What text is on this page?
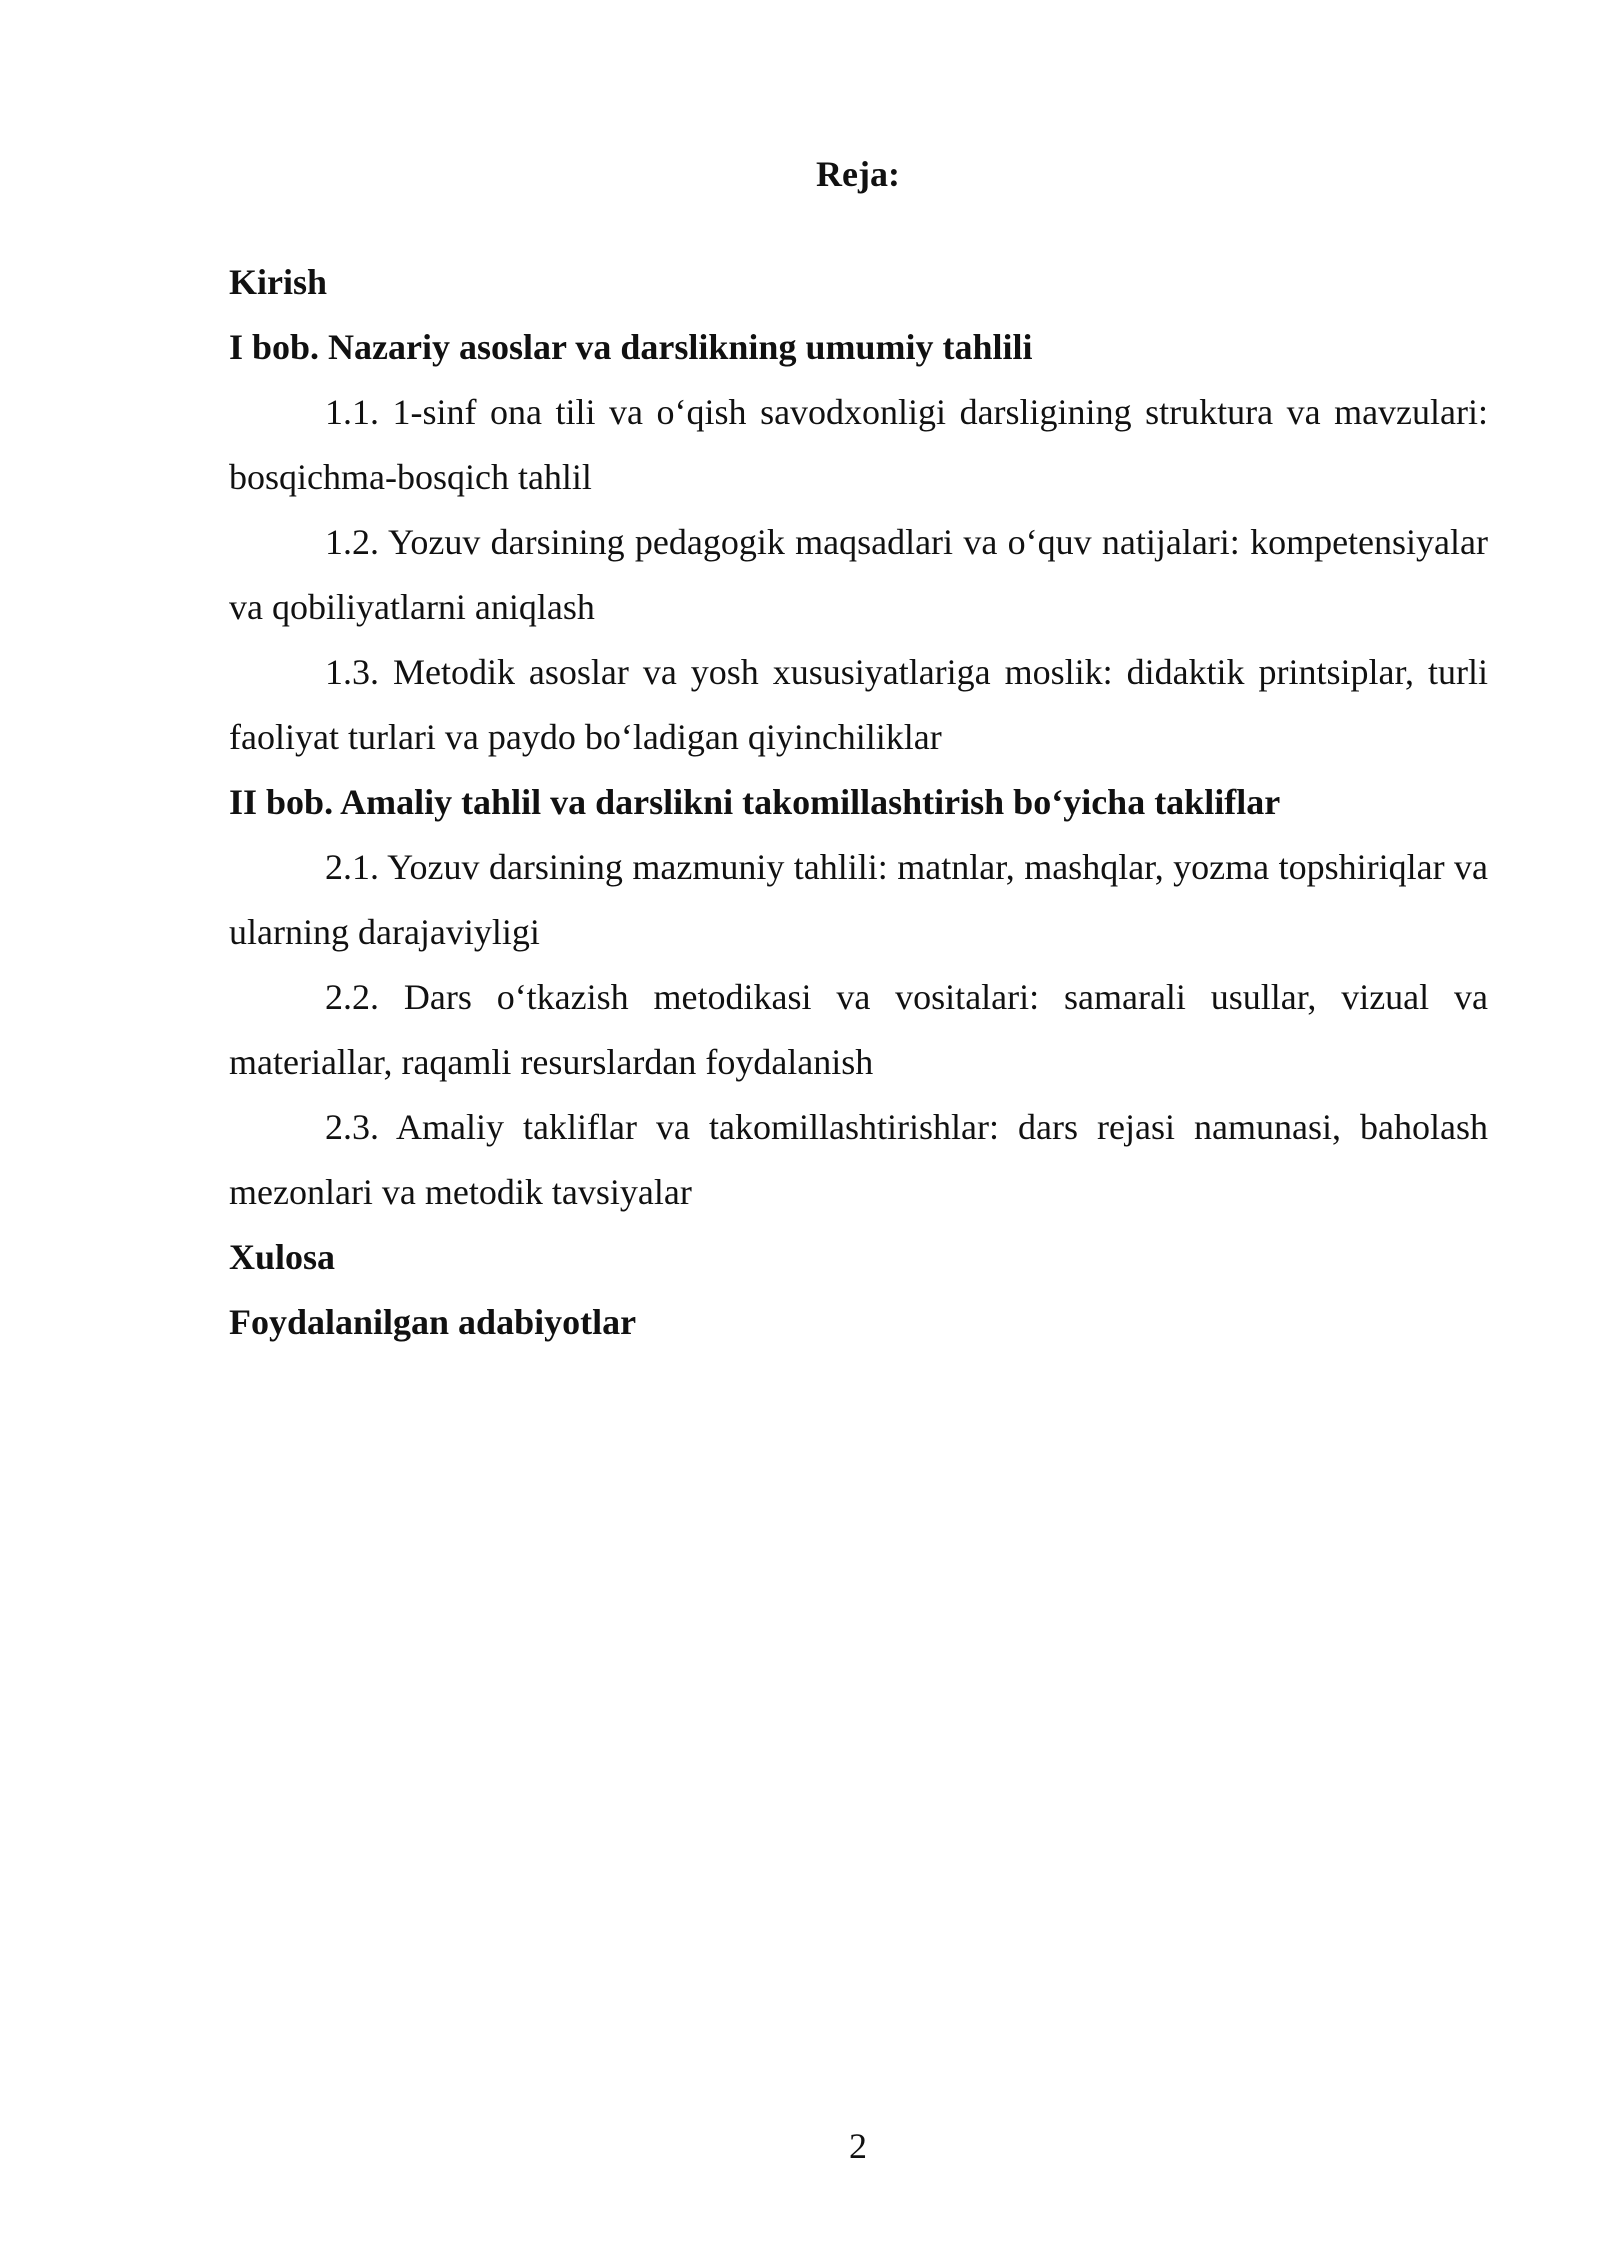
Reja:

Kirish

I bob. Nazariy asoslar va darslikning umumiy tahlili

1.1. 1-sinf ona tili va o‘qish savodxonligi darsligining struktura va mavzulari: bosqichma-bosqich tahlil

1.2. Yozuv darsining pedagogik maqsadlari va o‘quv natijalari: kompetensiyalar va qobiliyatlarni aniqlash

1.3. Metodik asoslar va yosh xususiyatlariga moslik: didaktik printsiplar, turli faoliyat turlari va paydo bo‘ladigan qiyinchiliklar

II bob. Amaliy tahlil va darslikni takomillashtirish bo‘yicha takliflar

2.1. Yozuv darsining mazmuniy tahlili: matnlar, mashqlar, yozma topshiriqlar va ularning darajaviyligi

2.2. Dars o‘tkazish metodikasi va vositalari: samarali usullar, vizual va materiallar, raqamli resurslardan foydalanish

2.3. Amaliy takliflar va takomillashtirishlar: dars rejasi namunasi, baholash mezonlari va metodik tavsiyalar

Xulosa

Foydalanilgan adabiyotlar

2
